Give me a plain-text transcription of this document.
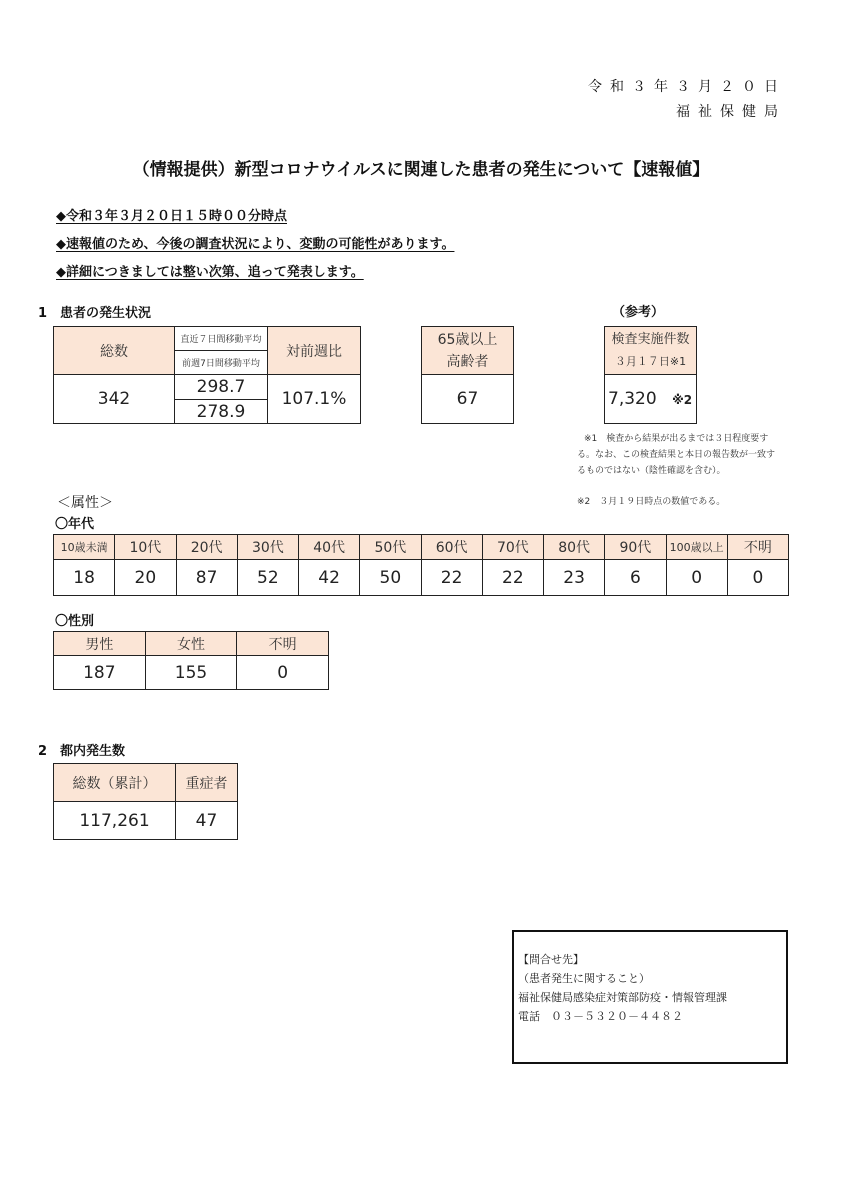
令和３年３月２０日
福祉保健局
（情報提供）新型コロナウイルスに関連した患者の発生について【速報値】
◆令和３年３月２０日１５時００分時点
◆速報値のため、今後の調査状況により、変動の可能性があります。
◆詳細につきましては整い次第、追って発表します。
1　患者の発生状況	（参考）
総数	直近７日間移動平均	対前週比
	前週7日間移動平均	
342	298.7	107.1%
	278.9	
65歳以上
高齢者
67
検査実施件数
３月１７日※1
7,320 ※2
※1　検査から結果が出るまでは３日程度要す
る。なお、この検査結果と本日の報告数が一致す
るものではない（陰性確認を含む）。
※2　３月１９日時点の数値である。
＜属性＞
〇年代
10歳未満	10代	20代	30代	40代	50代	60代	70代	80代	90代	100歳以上	不明
18	20	87	52	42	50	22	22	23	6	0	0
〇性別
男性	女性	不明
187	155	0
2　都内発生数
総数（累計）	重症者
117,261	47
【問合せ先】
（患者発生に関すること）
福祉保健局感染症対策部防疫・情報管理課
電話　０３－５３２０－４４８２
